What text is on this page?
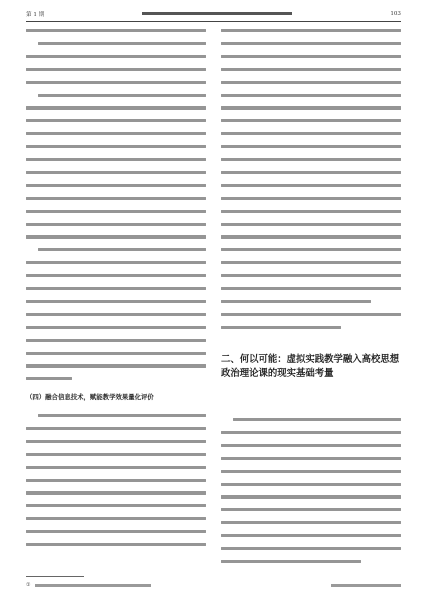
第 1 期	103
（四）融合信息技术，赋能教学效果量化评价
二、何以可能：虚拟实践教学融入高校思想政治理论课的现实基础考量
①
